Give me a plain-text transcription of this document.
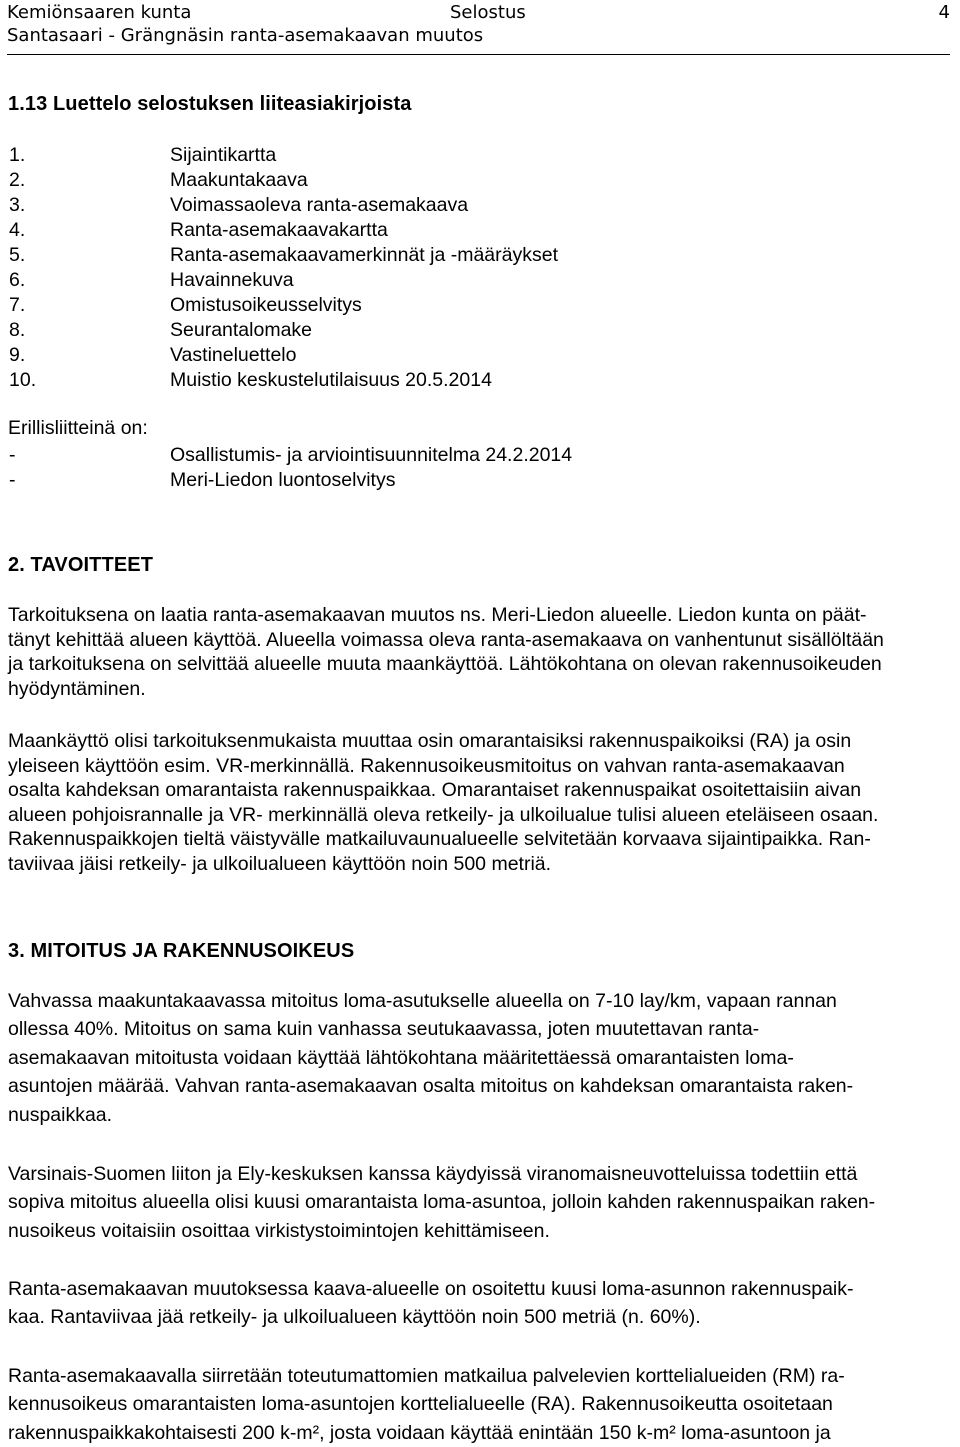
Kemiönsaaren kunta	Selostus	4
Santasaari - Grängnäsin ranta-asemakaavan muutos
1.13 Luettelo selostuksen liiteasiakirjoista
1.	Sijaintikartta
2.	Maakuntakaava
3.	Voimassaoleva ranta-asemakaava
4.	Ranta-asemakaavakartta
5.	Ranta-asemakaavamerkinnät ja -määräykset
6.	Havainnekuva
7.	Omistusoikeusselvitys
8.	Seurantalomake
9.	Vastineluettelo
10.	Muistio keskustelutilaisuus 20.5.2014
Erillisliitteinä on:
-	Osallistumis- ja arviointisuunnitelma 24.2.2014
-	Meri-Liedon luontoselvitys
2. TAVOITTEET
Tarkoituksena on laatia ranta-asemakaavan muutos ns. Meri-Liedon alueelle. Liedon kunta on päät-
tänyt kehittää alueen käyttöä. Alueella voimassa oleva ranta-asemakaava on vanhentunut sisällöltään
ja tarkoituksena on selvittää alueelle muuta maankäyttöä. Lähtökohtana on olevan rakennusoikeuden
hyödyntäminen.
Maankäyttö olisi tarkoituksenmukaista muuttaa osin omarantaisiksi rakennuspaikoiksi (RA) ja osin
yleiseen käyttöön esim. VR-merkinnällä. Rakennusoikeusmitoitus on vahvan ranta-asemakaavan
osalta kahdeksan omarantaista rakennuspaikkaa. Omarantaiset rakennuspaikat osoitettaisiin aivan
alueen pohjoisrannalle ja VR- merkinnällä oleva retkeily- ja ulkoilualue tulisi alueen eteläiseen osaan.
Rakennuspaikkojen tieltä väistyvälle matkailuvaunualueelle selvitetään korvaava sijaintipaikka. Ran-
taviivaa jäisi retkeily- ja ulkoilualueen käyttöön noin 500 metriä.
3. MITOITUS JA RAKENNUSOIKEUS
Vahvassa maakuntakaavassa mitoitus loma-asutukselle alueella on 7-10 lay/km, vapaan rannan
ollessa 40%. Mitoitus on sama kuin vanhassa seutukaavassa, joten muutettavan ranta-
asemakaavan mitoitusta voidaan käyttää lähtökohtana määritettäessä omarantaisten loma-
asuntojen määrää. Vahvan ranta-asemakaavan osalta mitoitus on kahdeksan omarantaista raken-
nuspaikkaa.
Varsinais-Suomen liiton ja Ely-keskuksen kanssa käydyissä viranomaisneuvotteluissa todettiin että
sopiva mitoitus alueella olisi kuusi omarantaista loma-asuntoa, jolloin kahden rakennuspaikan raken-
nusoikeus voitaisiin osoittaa virkistystoimintojen kehittämiseen.
Ranta-asemakaavan muutoksessa kaava-alueelle on osoitettu kuusi loma-asunnon rakennuspaik-
kaa. Rantaviivaa jää retkeily- ja ulkoilualueen käyttöön noin 500 metriä (n. 60%).
Ranta-asemakaavalla siirretään toteutumattomien matkailua palvelevien korttelialueiden (RM) ra-
kennusoikeus omarantaisten loma-asuntojen korttelialueelle (RA). Rakennusoikeutta osoitetaan
rakennuspaikkakohtaisesti 200 k-m², josta voidaan käyttää enintään 150 k-m² loma-asuntoon ja
